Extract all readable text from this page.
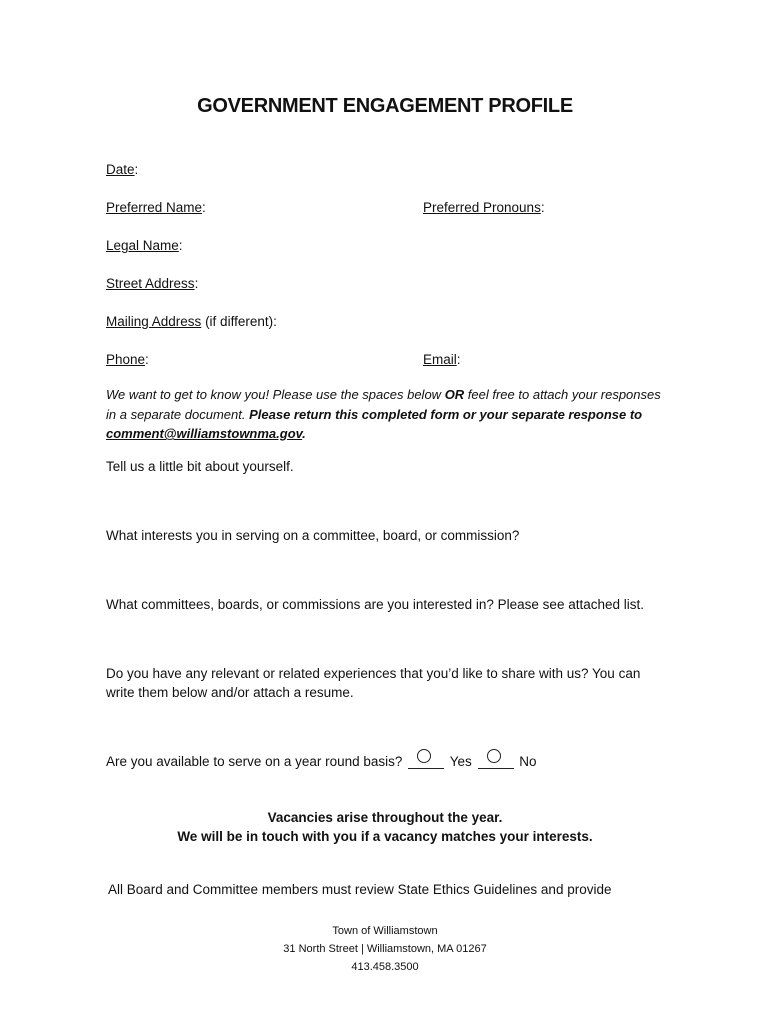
GOVERNMENT ENGAGEMENT PROFILE
Date:
Preferred Name:	Preferred Pronouns:
Legal Name:
Street Address:
Mailing Address (if different):
Phone:	Email:
We want to get to know you! Please use the spaces below OR feel free to attach your responses in a separate document. Please return this completed form or your separate response to comment@williamstownma.gov.
Tell us a little bit about yourself.
What interests you in serving on a committee, board, or commission?
What committees, boards, or commissions are you interested in? Please see attached list.
Do you have any relevant or related experiences that you’d like to share with us? You can
write them below and/or attach a resume.
Are you available to serve on a year round basis?	Yes	No
Vacancies arise throughout the year.
We will be in touch with you if a vacancy matches your interests.
All Board and Committee members must review State Ethics Guidelines and provide
Town of Williamstown
31 North Street | Williamstown, MA 01267
413.458.3500
